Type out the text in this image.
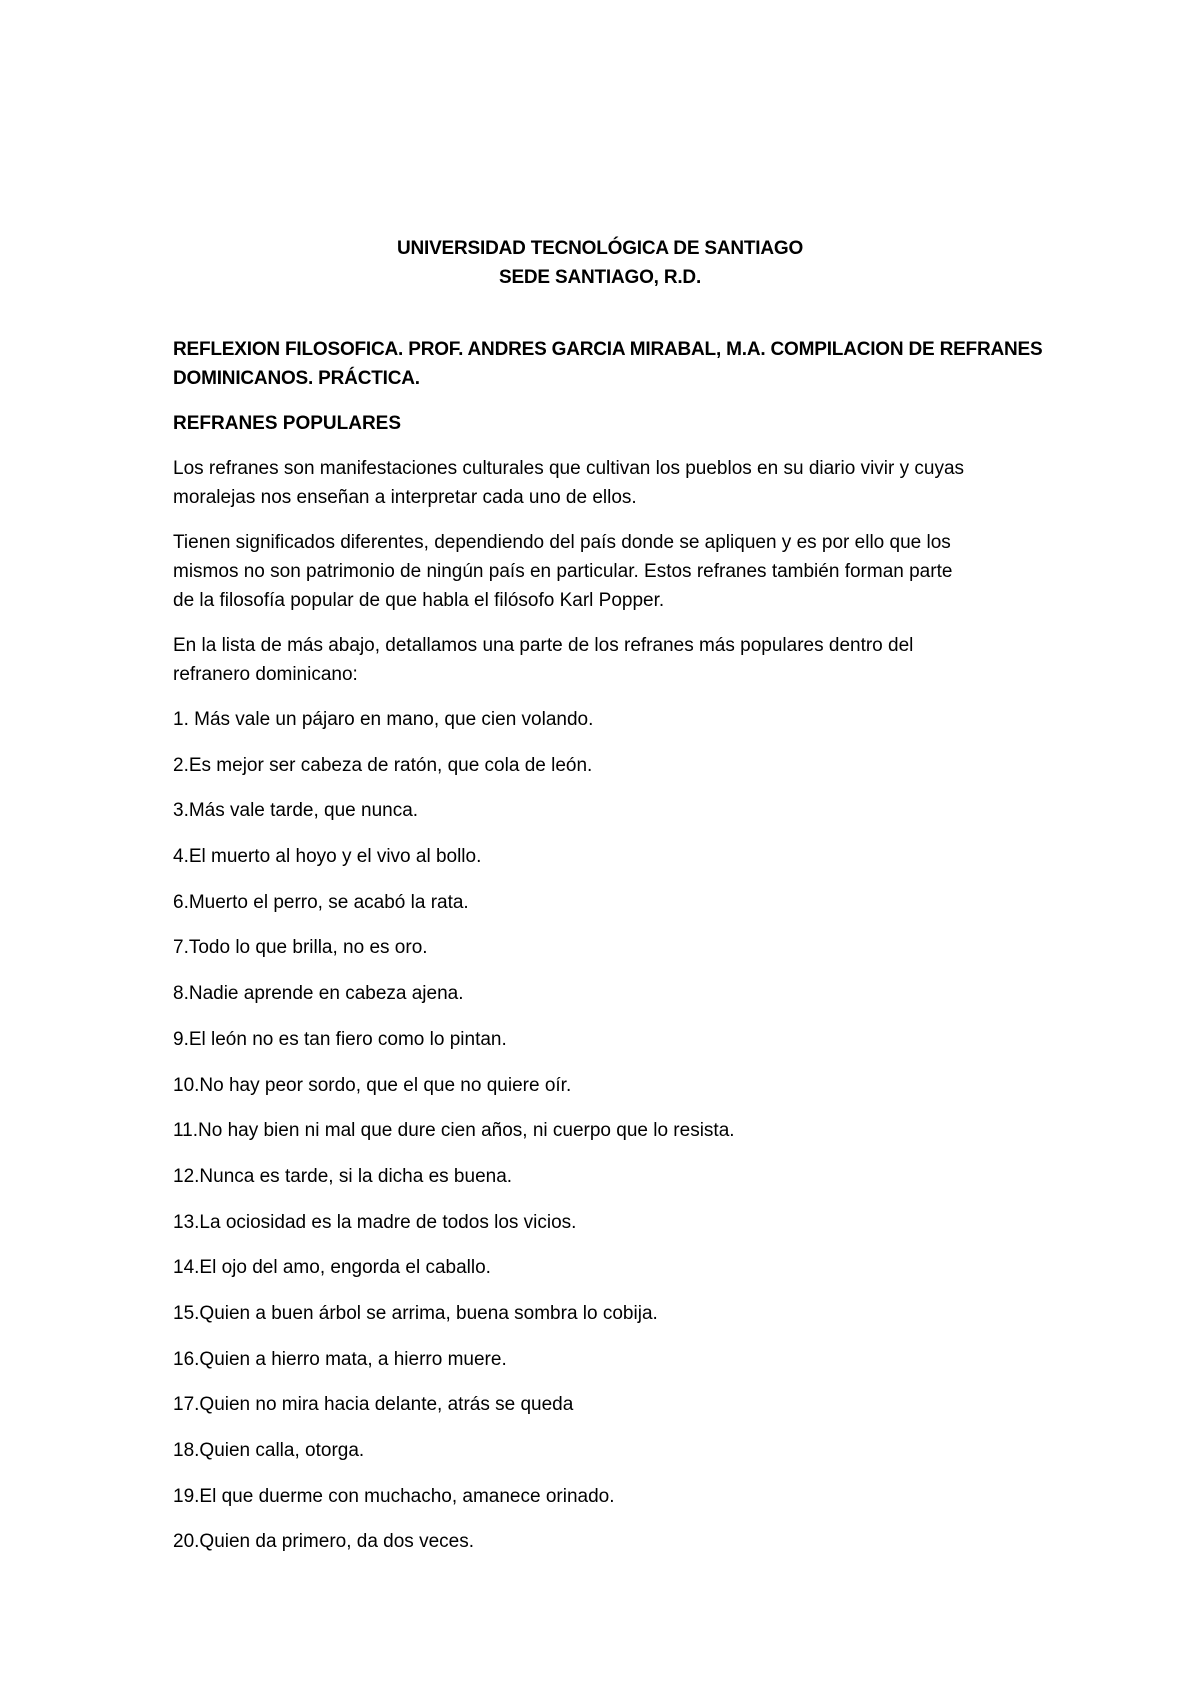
UNIVERSIDAD TECNOLÓGICA DE SANTIAGO
SEDE SANTIAGO, R.D.
REFLEXION FILOSOFICA. PROF. ANDRES GARCIA MIRABAL, M.A. COMPILACION DE REFRANES
DOMINICANOS. PRÁCTICA.
REFRANES POPULARES
Los refranes son manifestaciones culturales que cultivan los pueblos en su diario vivir y cuyas
moralejas nos enseñan a interpretar cada uno de ellos.
Tienen significados diferentes, dependiendo del país donde se apliquen y es por ello que los
mismos no son patrimonio de ningún país en particular. Estos refranes también forman parte
de la filosofía popular de que habla el filósofo Karl Popper.
En la lista de más abajo, detallamos una parte de los refranes más populares dentro del
refranero dominicano:
1. Más vale un pájaro en mano, que cien volando.
2.Es mejor ser cabeza de ratón, que cola de león.
3.Más vale tarde, que nunca.
4.El muerto al hoyo y el vivo al bollo.
6.Muerto el perro, se acabó la rata.
7.Todo lo que brilla, no es oro.
8.Nadie aprende en cabeza ajena.
9.El león no es tan fiero como lo pintan.
10.No hay peor sordo, que el que no quiere oír.
11.No hay bien ni mal que dure cien años, ni cuerpo que lo resista.
12.Nunca es tarde, si la dicha es buena.
13.La ociosidad es la madre de todos los vicios.
14.El ojo del amo, engorda el caballo.
15.Quien a buen árbol se arrima, buena sombra lo cobija.
16.Quien a hierro mata, a hierro muere.
17.Quien no mira hacia delante, atrás se queda
18.Quien calla, otorga.
19.El que duerme con muchacho, amanece orinado.
20.Quien da primero, da dos veces.
